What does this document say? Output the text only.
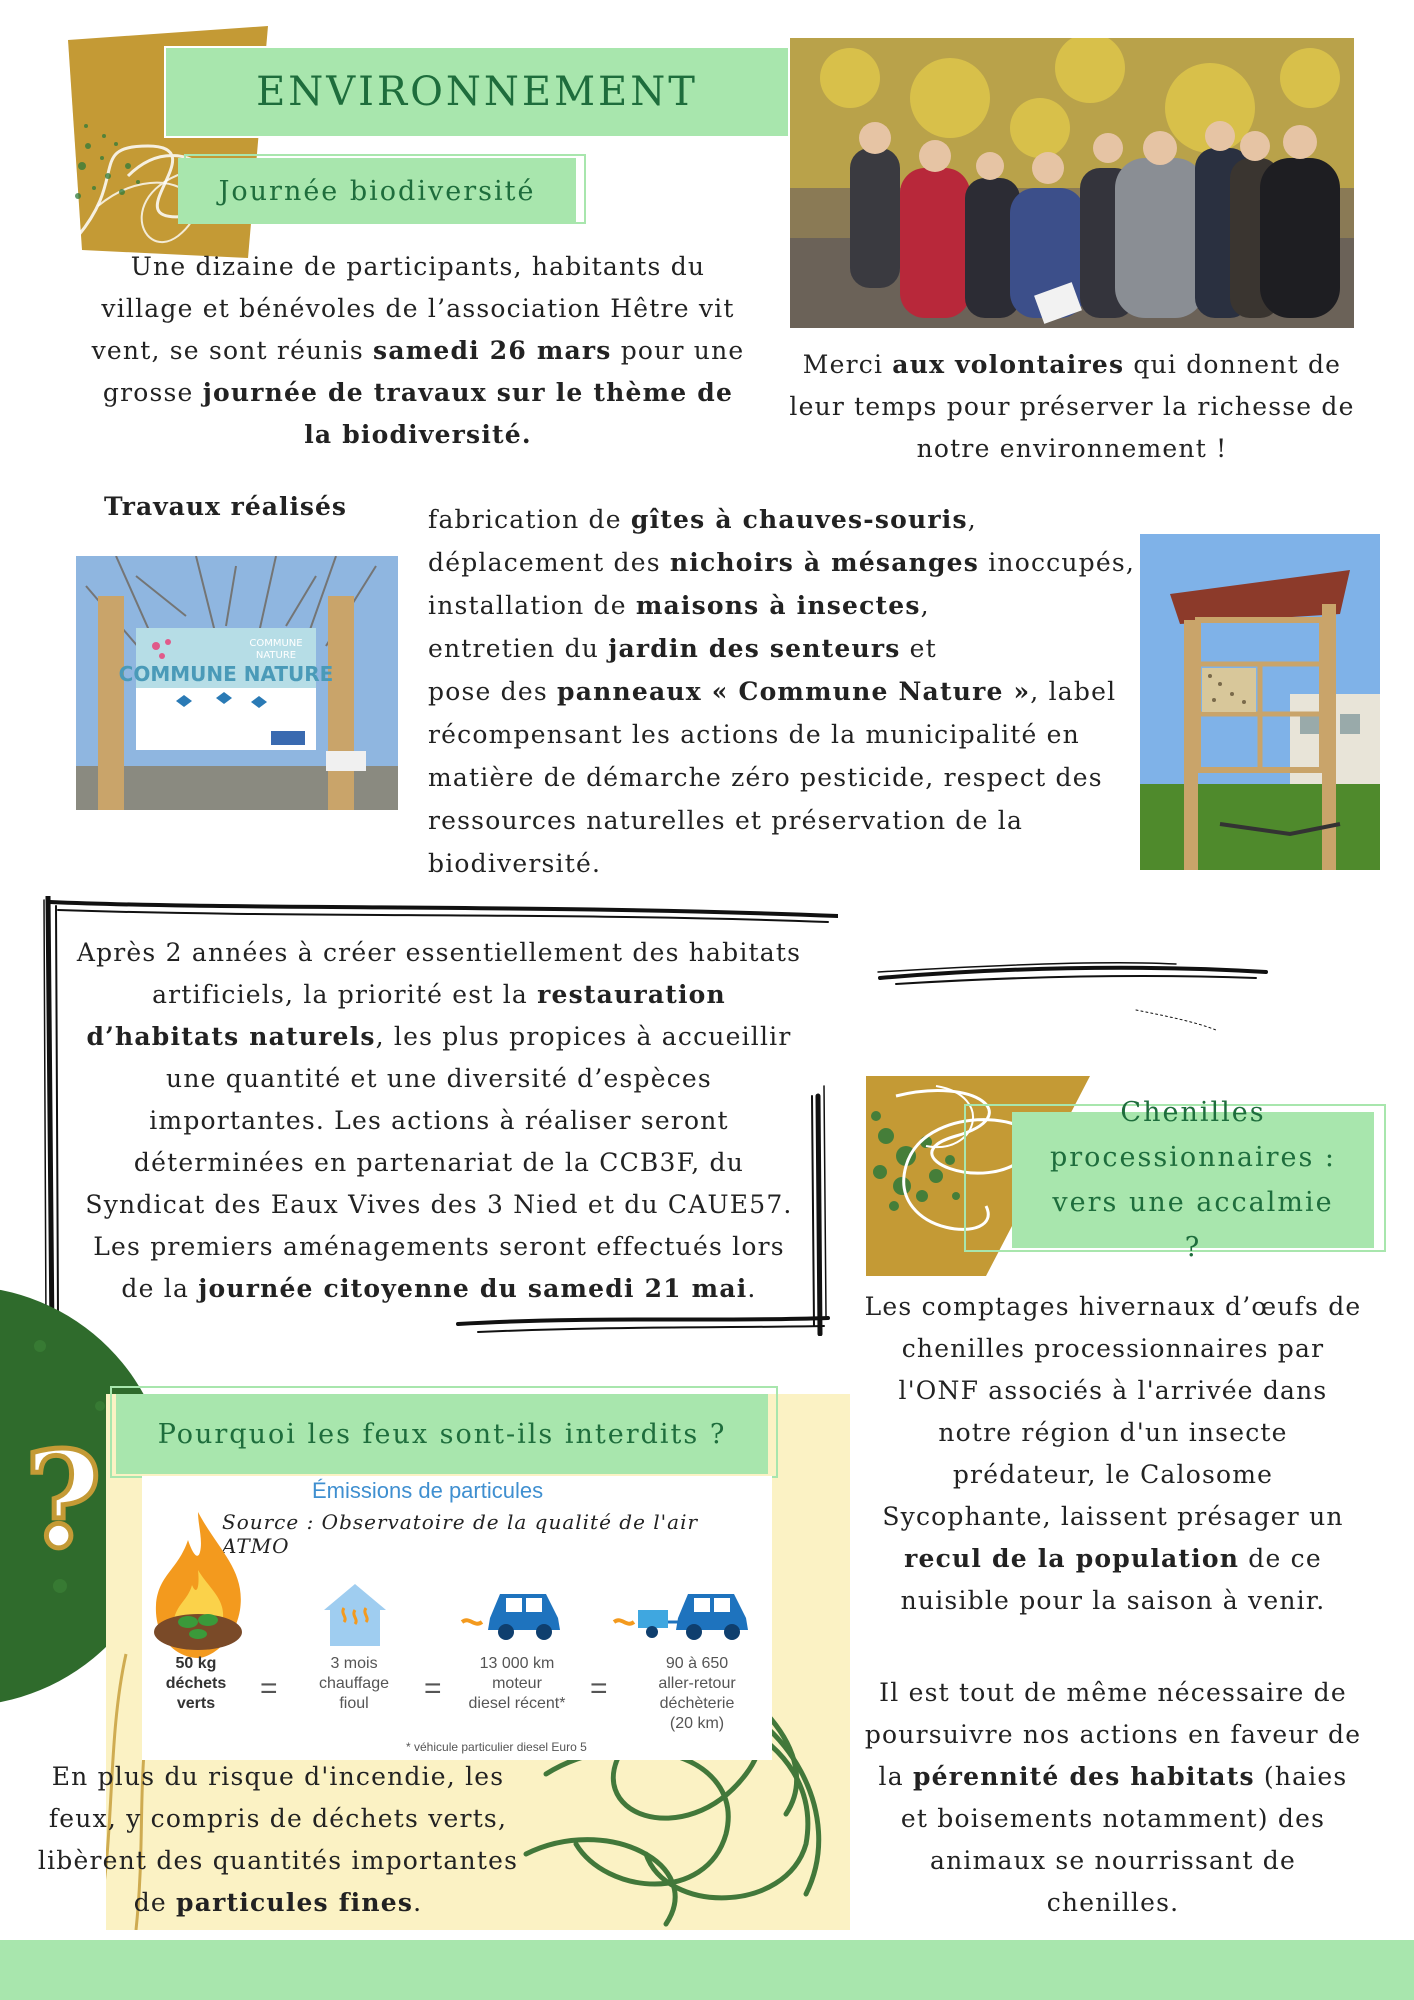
ENVIRONNEMENT
Journée biodiversité
Une dizaine de participants, habitants du village et bénévoles de l’association Hêtre vit vent, se sont réunis samedi 26 mars pour une grosse journée de travaux sur le thème de la biodiversité.
Merci aux volontaires qui donnent de leur temps pour préserver la richesse de notre environnement !
Travaux réalisés
COMMUNE NATURE
COMMUNE
NATURE
fabrication de gîtes à chauves-souris,
déplacement des nichoirs à mésanges inoccupés,
installation de maisons à insectes,
entretien du jardin des senteurs et
pose des panneaux « Commune Nature », label récompensant les actions de la municipalité en matière de démarche zéro pesticide, respect des ressources naturelles et préservation de la biodiversité.
Après 2 années à créer essentiellement des habitats artificiels, la priorité est la restauration d’habitats naturels, les plus propices à accueillir une quantité et une diversité d’espèces importantes. Les actions à réaliser seront déterminées en partenariat de la CCB3F, du Syndicat des Eaux Vives des 3 Nied et du CAUE57. Les premiers aménagements seront effectués lors de la journée citoyenne du samedi 21 mai.
Chenilles processionnaires : vers une accalmie ?
Les comptages hivernaux d’œufs de chenilles processionnaires par l'ONF associés à l'arrivée dans notre région d'un insecte prédateur, le Calosome Sycophante, laissent présager un recul de la population de ce nuisible pour la saison à venir.
Il est tout de même nécessaire de poursuivre nos actions en faveur de la pérennité des habitats (haies et boisements notamment) des animaux se nourrissant de chenilles.
? Pourquoi les feux sont-ils interdits ?
Émissions de particules
Source : Observatoire de la qualité de l'air ATMO
50 kg
déchets
verts	=
3 mois
chauffage
fioul	=
13 000 km
moteur
diesel récent* =
90 à 650
aller-retour
déchèterie
(20 km)
* véhicule particulier diesel Euro 5
En plus du risque d'incendie, les feux, y compris de déchets verts, libèrent des quantités importantes de particules fines.
